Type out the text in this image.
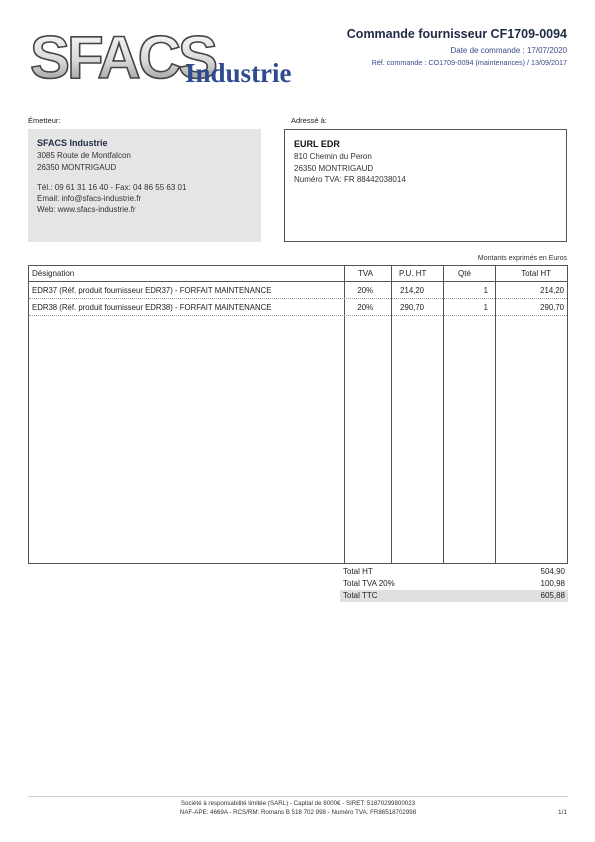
SFACS
Industrie
Commande fournisseur CF1709-0094
Date de commande : 17/07/2020
Réf. commande : CO1709-0094 (maintenances) / 13/09/2017
Émetteur:	Adressé à:
SFACS Industrie
3085 Route de Montfalcon
26350 MONTRIGAUD
Tél.: 09 61 31 16 40 - Fax: 04 86 55 63 01
Email: info@sfacs-industrie.fr
Web: www.sfacs-industrie.fr
EURL EDR
810 Chemin du Peron
26350 MONTRIGAUD
Numéro TVA: FR 88442038014
Montants exprimés en Euros
Désignation	TVA	P.U. HT	Qté	Total HT
EDR37 (Réf. produit fournisseur EDR37) - FORFAIT MAINTENANCE	20%	214,20	1	214,20
EDR38 (Réf. produit fournisseur EDR38) - FORFAIT MAINTENANCE	20%	290,70	1	290,70
Total HT	504,90
Total TVA 20%	100,98
Total TTC	605,88
Société à responsabilité limitée (SARL) - Capital de 8000€ - SIRET: 51870299800023
NAF-APE: 4669A - RCS/RM: Romans B 518 702 998 - Numéro TVA: FR86518702998	1/1
